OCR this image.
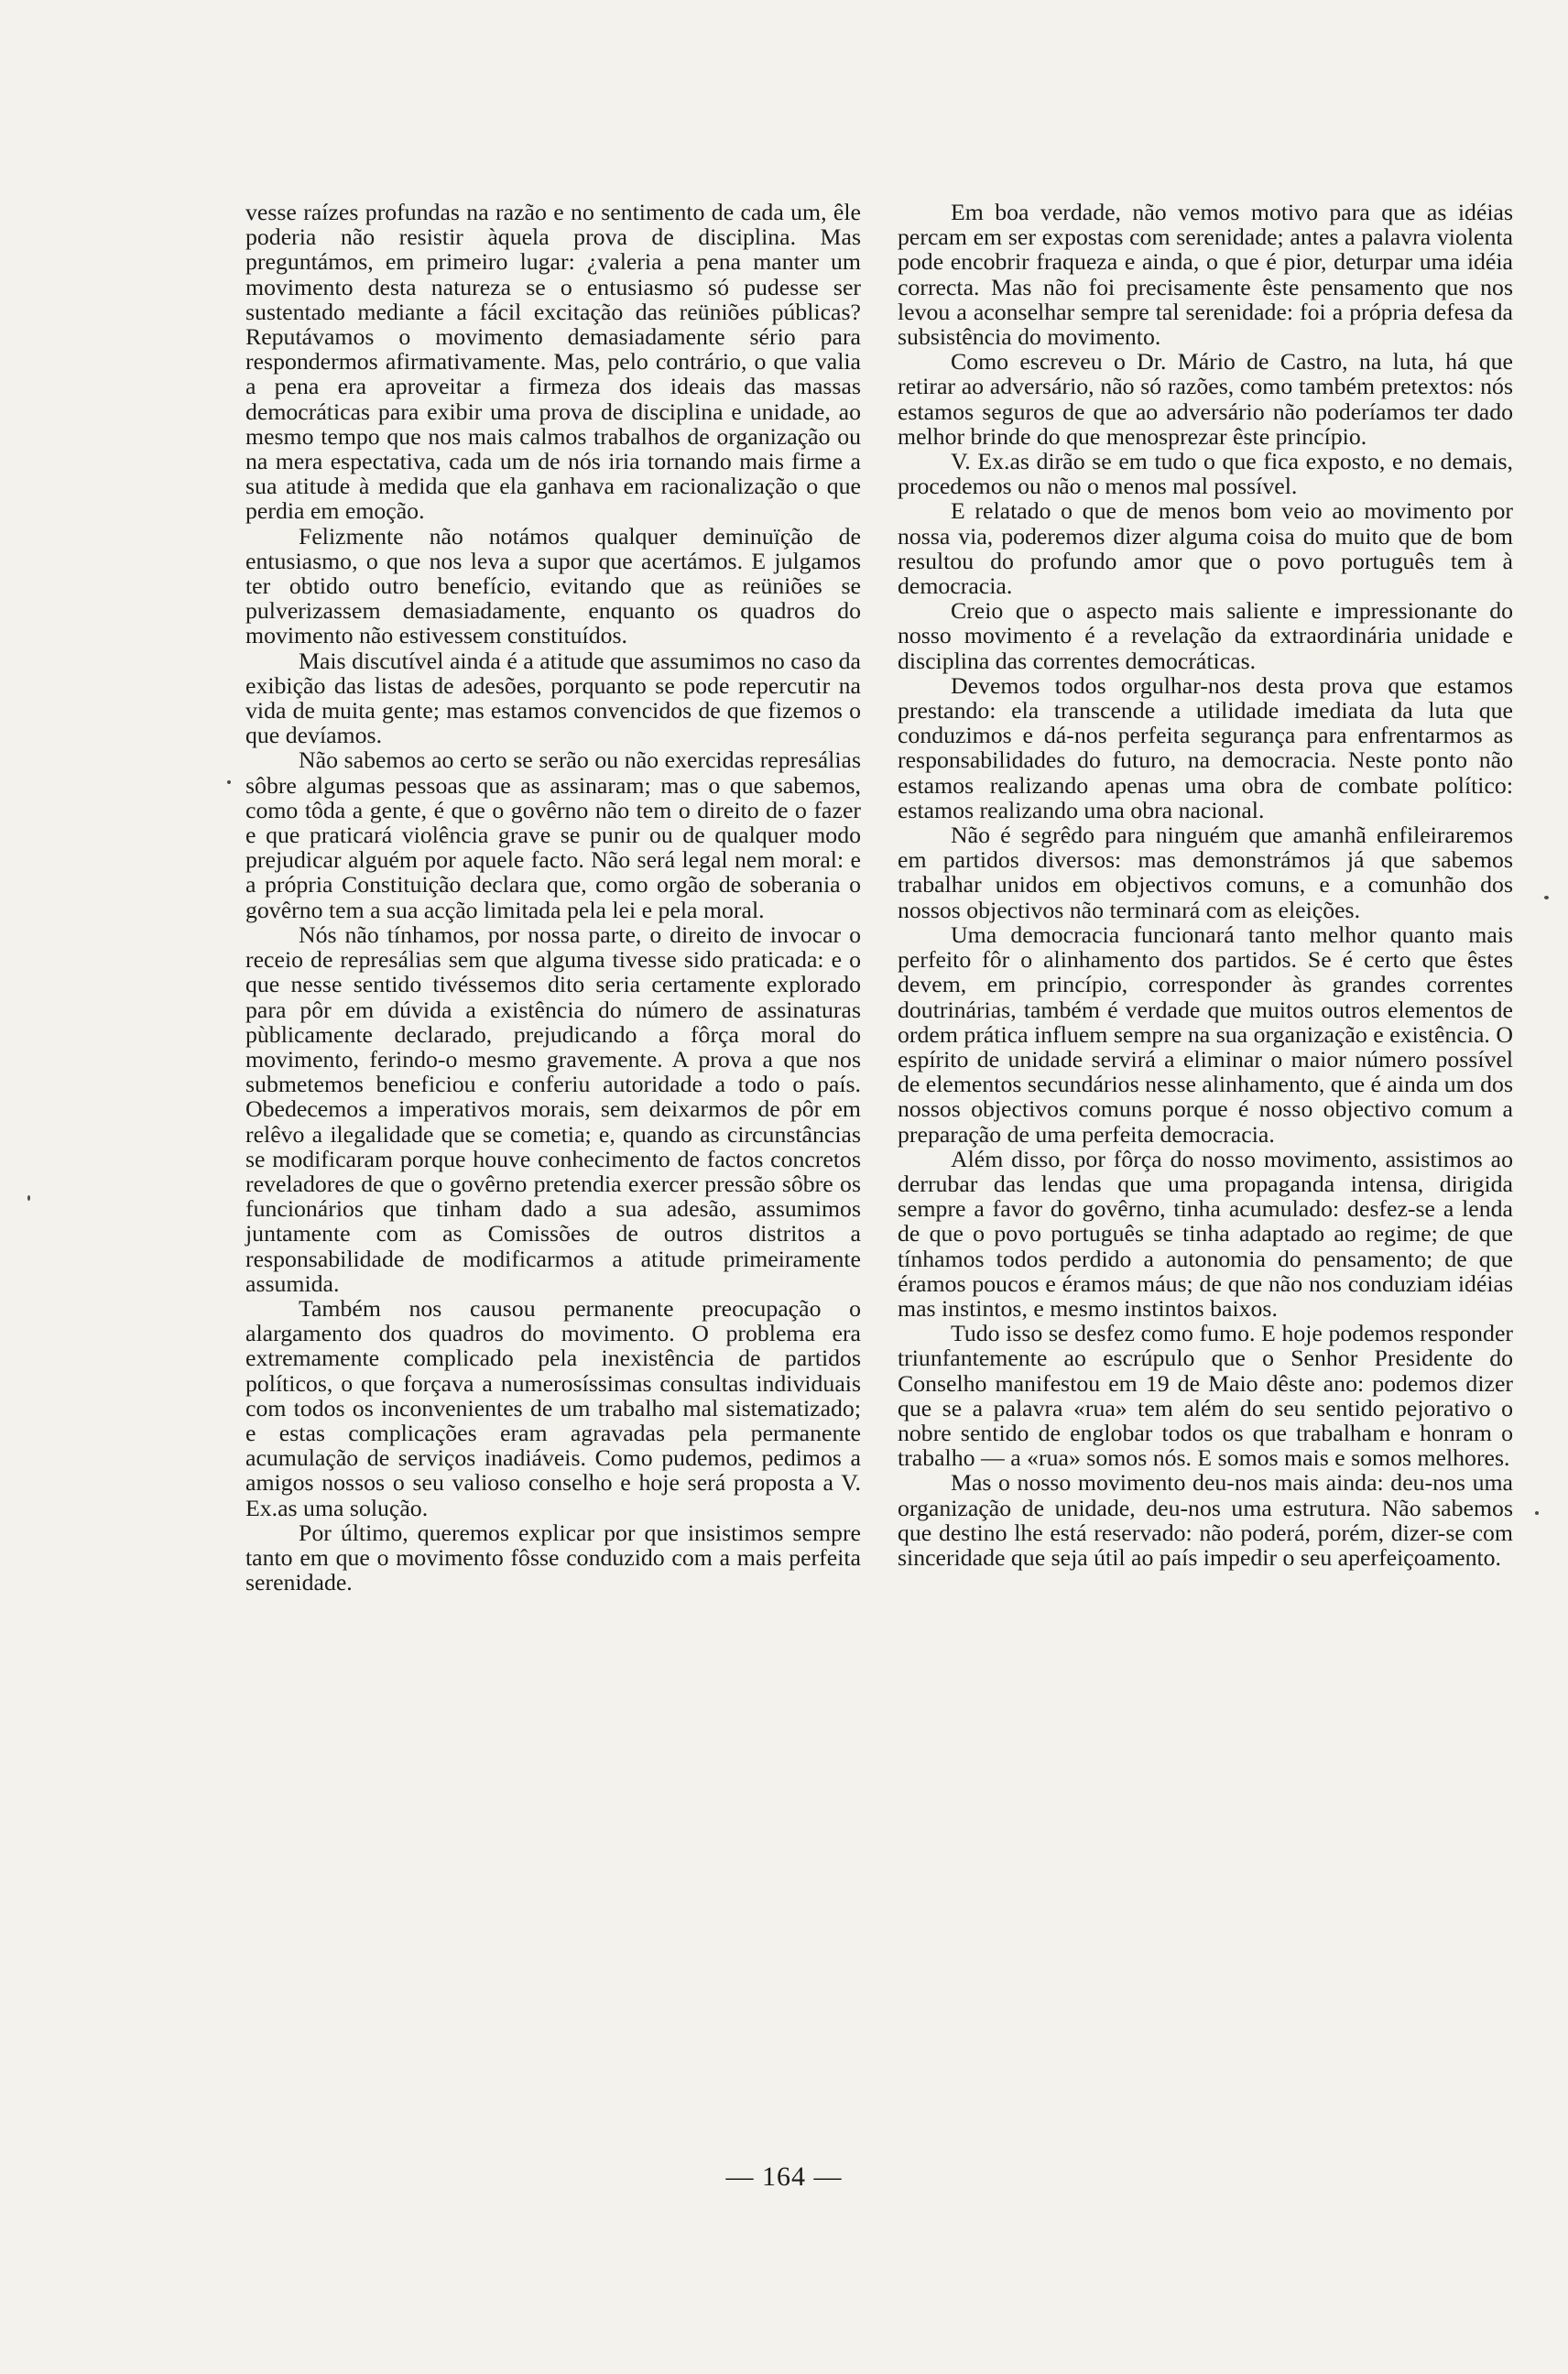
vesse raízes profundas na razão e no sentimento de cada um, êle poderia não resistir àquela prova de disciplina. Mas preguntámos, em primeiro lugar: ¿valeria a pena manter um movimento desta natureza se o entusiasmo só pudesse ser sustentado mediante a fácil excitação das reüniões públicas? Reputávamos o movimento demasiadamente sério para respondermos afirmativamente. Mas, pelo contrário, o que valia a pena era aproveitar a firmeza dos ideais das massas democráticas para exibir uma prova de disciplina e unidade, ao mesmo tempo que nos mais calmos trabalhos de organização ou na mera espectativa, cada um de nós iria tornando mais firme a sua atitude à medida que ela ganhava em racionalização o que perdia em emoção.

Felizmente não notámos qualquer deminuïção de entusiasmo, o que nos leva a supor que acertámos. E julgamos ter obtido outro benefício, evitando que as reüniões se pulverizassem demasiadamente, enquanto os quadros do movimento não estivessem constituídos.

Mais discutível ainda é a atitude que assumimos no caso da exibição das listas de adesões, porquanto se pode repercutir na vida de muita gente; mas estamos convencidos de que fizemos o que devíamos.

Não sabemos ao certo se serão ou não exercidas represálias sôbre algumas pessoas que as assinaram; mas o que sabemos, como tôda a gente, é que o govêrno não tem o direito de o fazer e que praticará violência grave se punir ou de qualquer modo prejudicar alguém por aquele facto. Não será legal nem moral: e a própria Constituição declara que, como orgão de soberania o govêrno tem a sua acção limitada pela lei e pela moral.

Nós não tínhamos, por nossa parte, o direito de invocar o receio de represálias sem que alguma tivesse sido praticada: e o que nesse sentido tivéssemos dito seria certamente explorado para pôr em dúvida a existência do número de assinaturas pùblicamente declarado, prejudicando a fôrça moral do movimento, ferindo-o mesmo gravemente. A prova a que nos submetemos beneficiou e conferiu autoridade a todo o país. Obedecemos a imperativos morais, sem deixarmos de pôr em relêvo a ilegalidade que se cometia; e, quando as circunstâncias se modificaram porque houve conhecimento de factos concretos reveladores de que o govêrno pretendia exercer pressão sôbre os funcionários que tinham dado a sua adesão, assumimos juntamente com as Comissões de outros distritos a responsabilidade de modificarmos a atitude primeiramente assumida.

Também nos causou permanente preocupação o alargamento dos quadros do movimento. O problema era extremamente complicado pela inexistência de partidos políticos, o que forçava a numerosíssimas consultas individuais com todos os inconvenientes de um trabalho mal sistematizado; e estas complicações eram agravadas pela permanente acumulação de serviços inadiáveis. Como pudemos, pedimos a amigos nossos o seu valioso conselho e hoje será proposta a V. Ex.as uma solução.

Por último, queremos explicar por que insistimos sempre tanto em que o movimento fôsse conduzido com a mais perfeita serenidade.

Em boa verdade, não vemos motivo para que as idéias percam em ser expostas com serenidade; antes a palavra violenta pode encobrir fraqueza e ainda, o que é pior, deturpar uma idéia correcta. Mas não foi precisamente êste pensamento que nos levou a aconselhar sempre tal serenidade: foi a própria defesa da subsistência do movimento.

Como escreveu o Dr. Mário de Castro, na luta, há que retirar ao adversário, não só razões, como também pretextos: nós estamos seguros de que ao adversário não poderíamos ter dado melhor brinde do que menosprezar êste princípio.

V. Ex.as dirão se em tudo o que fica exposto, e no demais, procedemos ou não o menos mal possível.

E relatado o que de menos bom veio ao movimento por nossa via, poderemos dizer alguma coisa do muito que de bom resultou do profundo amor que o povo português tem à democracia.

Creio que o aspecto mais saliente e impressionante do nosso movimento é a revelação da extraordinária unidade e disciplina das correntes democráticas.

Devemos todos orgulhar-nos desta prova que estamos prestando: ela transcende a utilidade imediata da luta que conduzimos e dá-nos perfeita segurança para enfrentarmos as responsabilidades do futuro, na democracia. Neste ponto não estamos realizando apenas uma obra de combate político: estamos realizando uma obra nacional.

Não é segrêdo para ninguém que amanhã enfileiraremos em partidos diversos: mas demonstrámos já que sabemos trabalhar unidos em objectivos comuns, e a comunhão dos nossos objectivos não terminará com as eleições.

Uma democracia funcionará tanto melhor quanto mais perfeito fôr o alinhamento dos partidos. Se é certo que êstes devem, em princípio, corresponder às grandes correntes doutrinárias, também é verdade que muitos outros elementos de ordem prática influem sempre na sua organização e existência. O espírito de unidade servirá a eliminar o maior número possível de elementos secundários nesse alinhamento, que é ainda um dos nossos objectivos comuns porque é nosso objectivo comum a preparação de uma perfeita democracia.

Além disso, por fôrça do nosso movimento, assistimos ao derrubar das lendas que uma propaganda intensa, dirigida sempre a favor do govêrno, tinha acumulado: desfez-se a lenda de que o povo português se tinha adaptado ao regime; de que tínhamos todos perdido a autonomia do pensamento; de que éramos poucos e éramos máus; de que não nos conduziam idéias mas instintos, e mesmo instintos baixos.

Tudo isso se desfez como fumo. E hoje podemos responder triunfantemente ao escrúpulo que o Senhor Presidente do Conselho manifestou em 19 de Maio dêste ano: podemos dizer que se a palavra «rua» tem além do seu sentido pejorativo o nobre sentido de englobar todos os que trabalham e honram o trabalho — a «rua» somos nós. E somos mais e somos melhores.

Mas o nosso movimento deu-nos mais ainda: deu-nos uma organização de unidade, deu-nos uma estrutura. Não sabemos que destino lhe está reservado: não poderá, porém, dizer-se com sinceridade que seja útil ao país impedir o seu aperfeiçoamento.

— 164 —
